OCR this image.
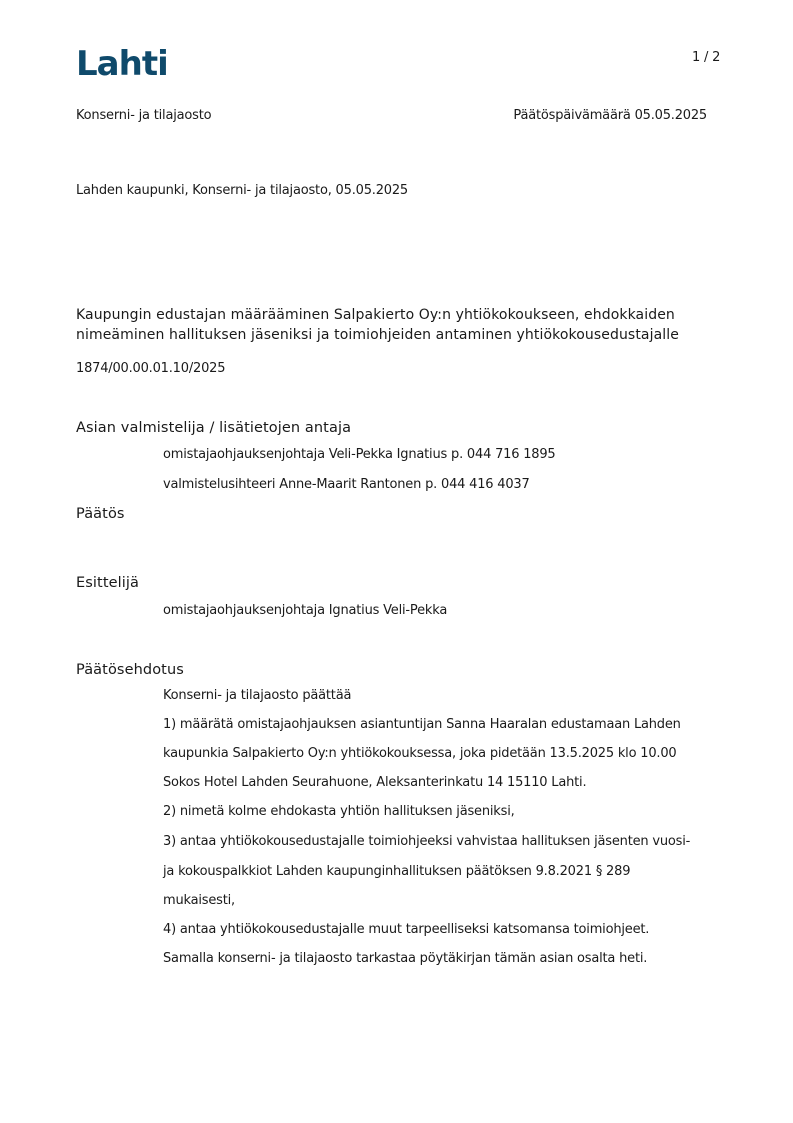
Lahti	1 / 2
Konserni- ja tilajaosto	Päätöspäivämäärä 05.05.2025
Lahden kaupunki, Konserni- ja tilajaosto, 05.05.2025
Kaupungin edustajan määrääminen Salpakierto Oy:n yhtiökokoukseen, ehdokkaiden
nimeäminen hallituksen jäseniksi ja toimiohjeiden antaminen yhtiökokousedustajalle
1874/00.00.01.10/2025
Asian valmistelija / lisätietojen antaja
omistajaohjauksenjohtaja Veli-Pekka Ignatius p. 044 716 1895
valmistelusihteeri Anne-Maarit Rantonen p. 044 416 4037
Päätös
Esittelijä
omistajaohjauksenjohtaja Ignatius Veli-Pekka
Päätösehdotus
Konserni- ja tilajaosto päättää
1) määrätä omistajaohjauksen asiantuntijan Sanna Haaralan edustamaan Lahden
kaupunkia Salpakierto Oy:n yhtiökokouksessa, joka pidetään 13.5.2025 klo 10.00
Sokos Hotel Lahden Seurahuone, Aleksanterinkatu 14 15110 Lahti.
2) nimetä kolme ehdokasta yhtiön hallituksen jäseniksi,
3) antaa yhtiökokousedustajalle toimiohjeeksi vahvistaa hallituksen jäsenten vuosi-
ja kokouspalkkiot Lahden kaupunginhallituksen päätöksen 9.8.2021 § 289
mukaisesti,
4) antaa yhtiökokousedustajalle muut tarpeelliseksi katsomansa toimiohjeet.
Samalla konserni- ja tilajaosto tarkastaa pöytäkirjan tämän asian osalta heti.
